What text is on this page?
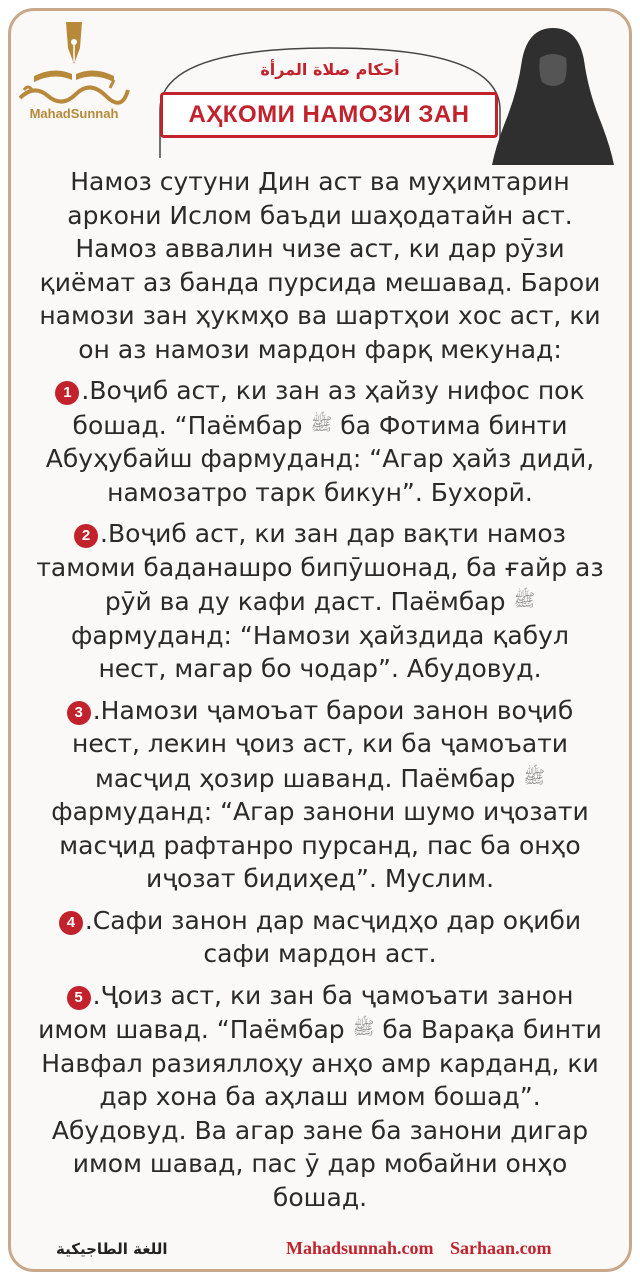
MahadSunnah
أحكام صلاة المرأة
АҲКОМИ НАМОЗИ ЗАН

Намоз сутуни Дин аст ва муҳимтарин аркони Ислом баъди шаҳодатайн аст. Намоз аввалин чизе аст, ки дар рӯзи қиёмат аз банда пурсида мешавад. Барои намози зан ҳукмҳо ва шартҳои хос аст, ки он аз намози мардон фарқ мекунад:

1 .Воҷиб аст, ки зан аз ҳайзу нифос пок бошад. “Паёмбар ﷺ ба Фотима бинти Абуҳубайш фармуданд: “Агар ҳайз дидӣ, намозатро тарк бикун”. Бухорӣ.

2 .Воҷиб аст, ки зан дар вақти намоз тамоми баданашро бипӯшонад, ба ғайр аз рӯй ва ду кафи даст. Паёмбар ﷺ фармуданд: “Намози ҳайздида қабул нест, магар бо чодар”. Абудовуд.

3 .Намози ҷамоъат барои занон воҷиб нест, лекин ҷоиз аст, ки ба ҷамоъати масҷид ҳозир шаванд. Паёмбар ﷺ фармуданд: “Агар занони шумо иҷозати масҷид рафтанро пурсанд, пас ба онҳо иҷозат бидиҳед”. Муслим.

4 .Сафи занон дар масҷидҳо дар оқиби сафи мардон аст.

5 .Ҷоиз аст, ки зан ба ҷамоъати занон имом шавад. “Паёмбар ﷺ ба Варақа бинти Навфал разияллоҳу анҳо амр карданд, ки дар хона ба аҳлаш имом бошад”. Абудовуд. Ва агар зане ба занони дигар имом шавад, пас ӯ дар мобайни онҳо бошад.

اللغة الطاجيكية	Mahadsunnah.com Sarhaan.com
